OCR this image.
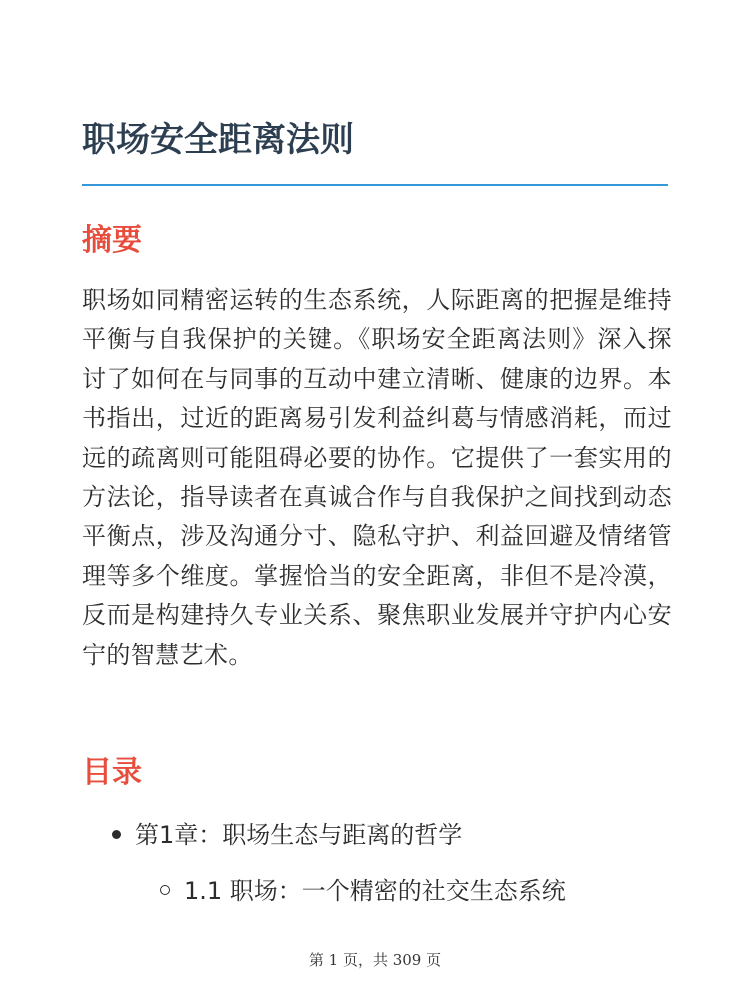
职场安全距离法则
摘要

职场如同精密运转的生态系统，人际距离的把握是维持平衡与自我保护的关键。《职场安全距离法则》深入探讨了如何在与同事的互动中建立清晰、健康的边界。本书指出，过近的距离易引发利益纠葛与情感消耗，而过远的疏离则可能阻碍必要的协作。它提供了一套实用的方法论，指导读者在真诚合作与自我保护之间找到动态平衡点，涉及沟通分寸、隐私守护、利益回避及情绪管理等多个维度。掌握恰当的安全距离，非但不是冷漠，反而是构建持久专业关系、聚焦职业发展并守护内心安宁的智慧艺术。

目录
第1章：职场生态与距离的哲学
1.1 职场：一个精密的社交生态系统
第 1 页，共 309 页
